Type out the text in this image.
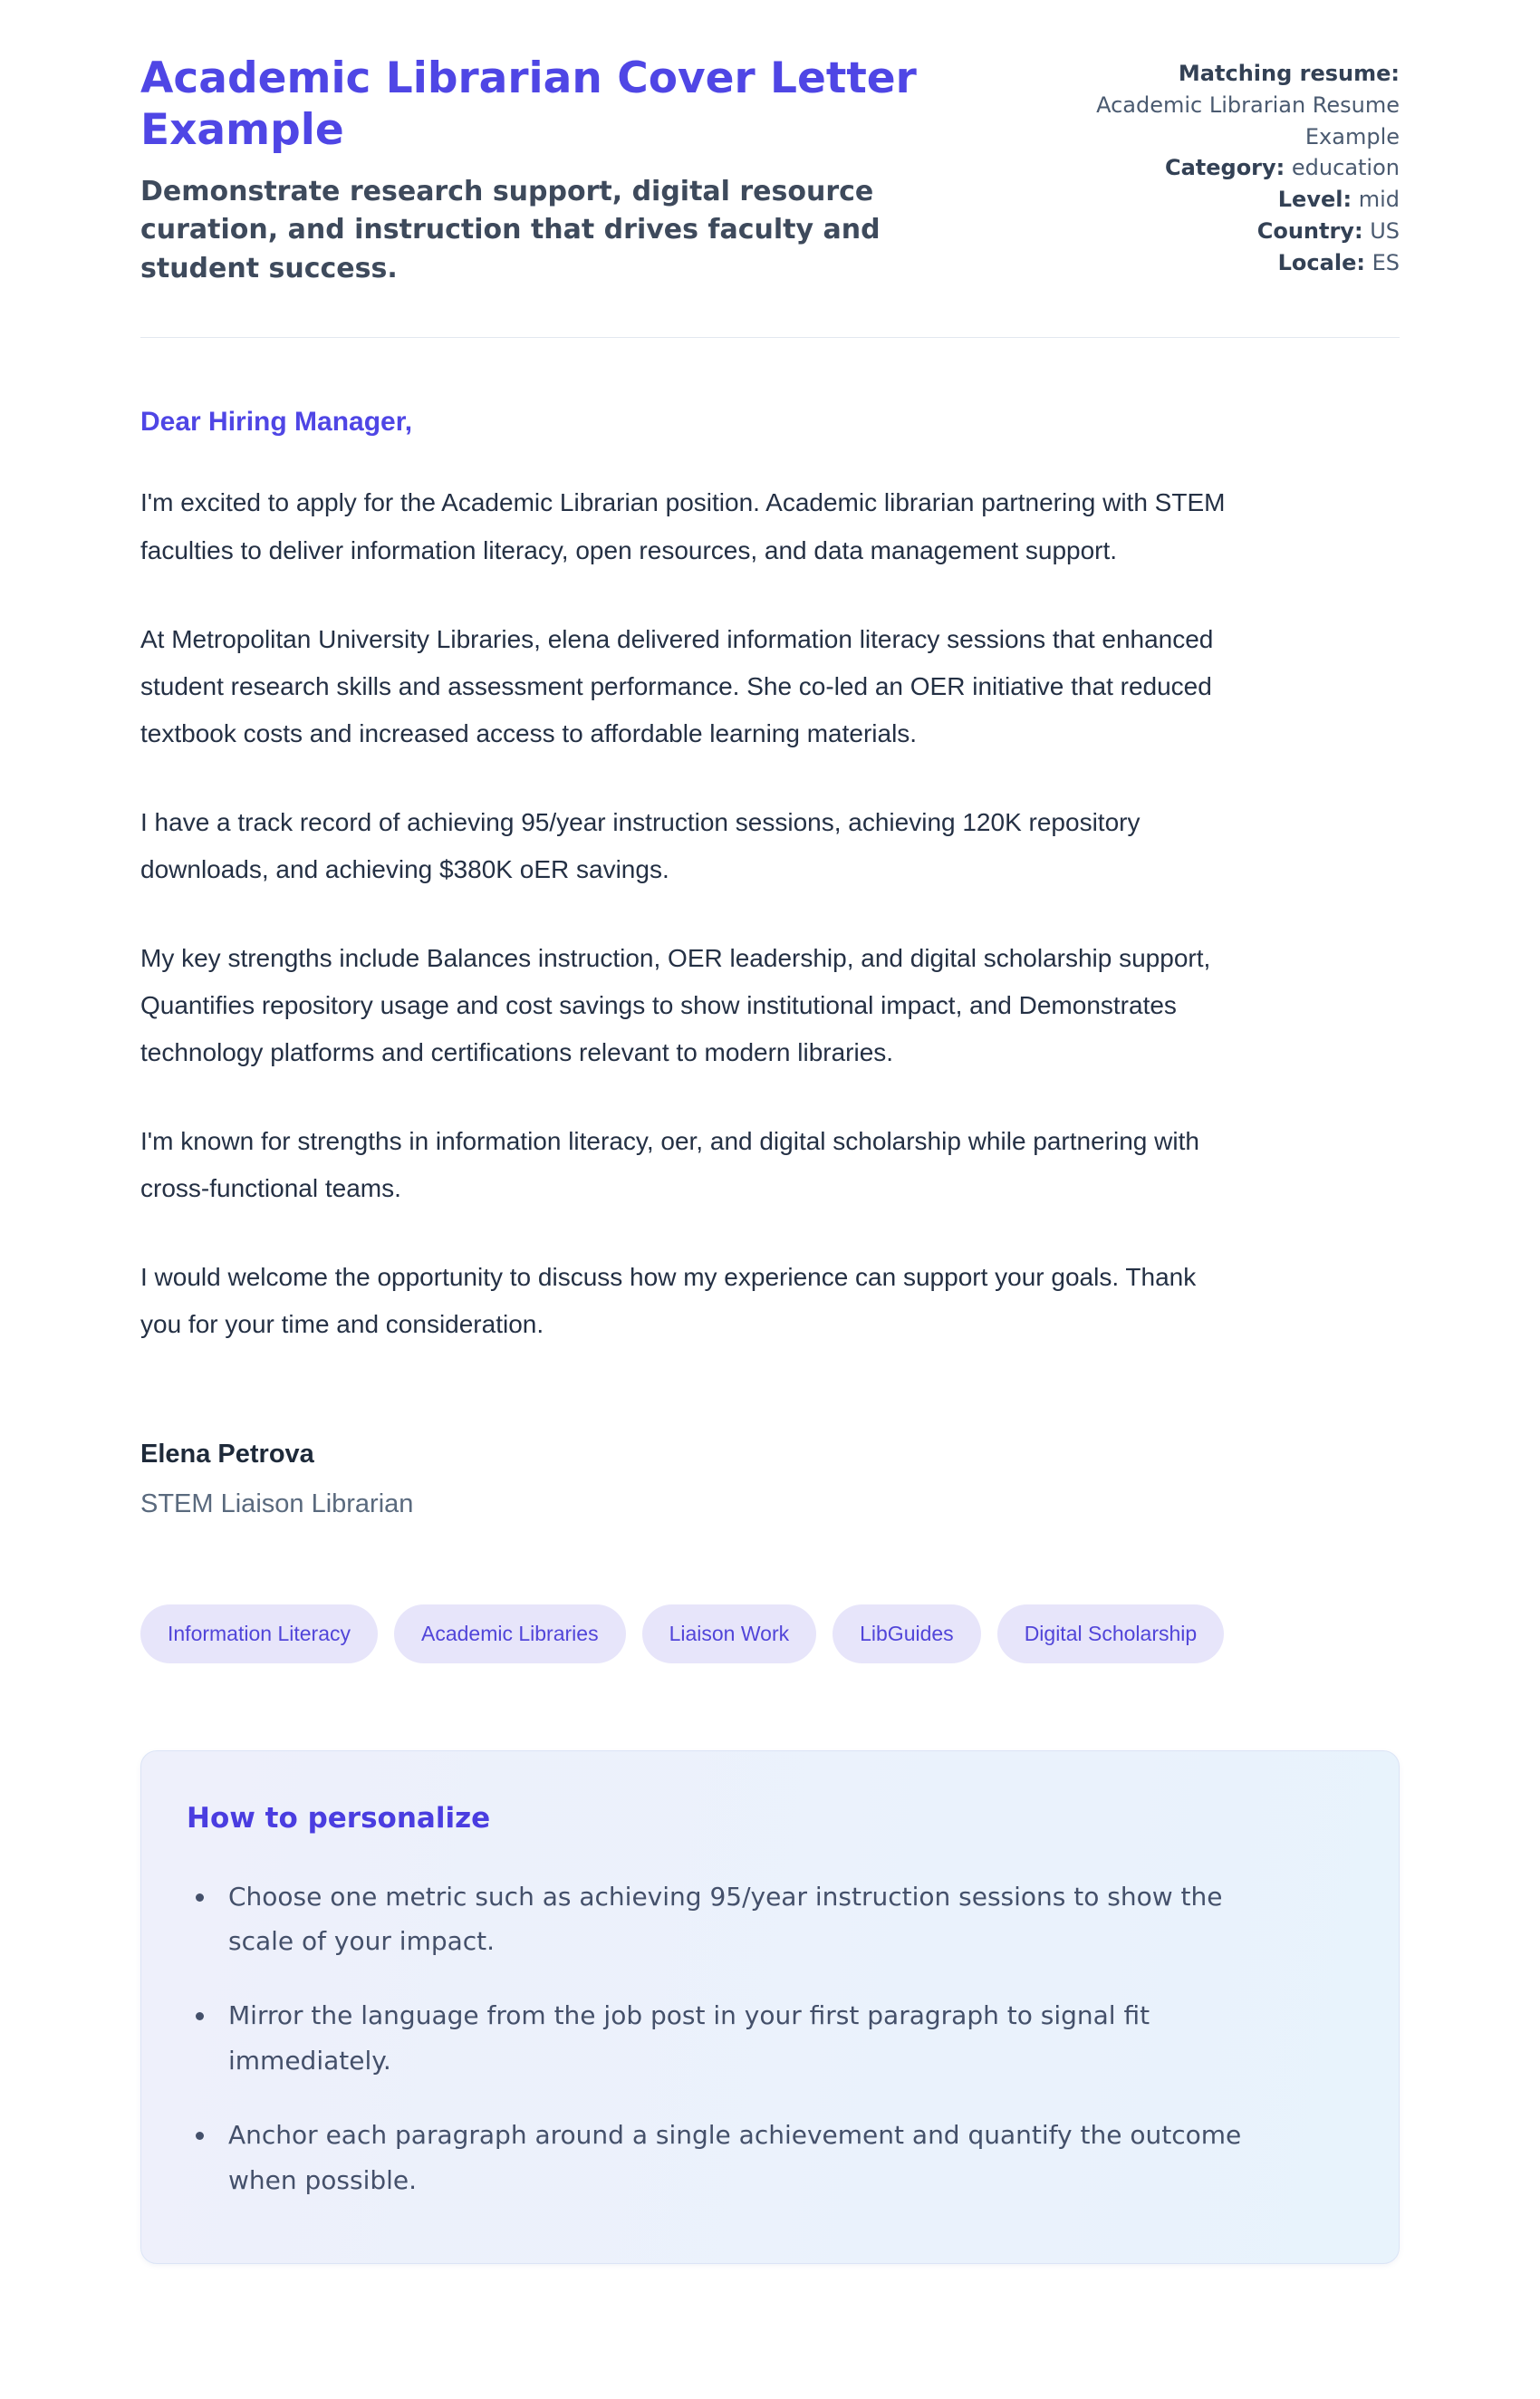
Academic Librarian Cover Letter Example
Demonstrate research support, digital resource curation, and instruction that drives faculty and student success.
Matching resume:
Academic Librarian Resume Example
Category: education
Level: mid
Country: US
Locale: ES

Dear Hiring Manager,

I'm excited to apply for the Academic Librarian position. Academic librarian partnering with STEM faculties to deliver information literacy, open resources, and data management support.

At Metropolitan University Libraries, elena delivered information literacy sessions that enhanced student research skills and assessment performance. She co-led an OER initiative that reduced textbook costs and increased access to affordable learning materials.

I have a track record of achieving 95/year instruction sessions, achieving 120K repository downloads, and achieving $380K oER savings.

My key strengths include Balances instruction, OER leadership, and digital scholarship support, Quantifies repository usage and cost savings to show institutional impact, and Demonstrates technology platforms and certifications relevant to modern libraries.

I'm known for strengths in information literacy, oer, and digital scholarship while partnering with cross-functional teams.

I would welcome the opportunity to discuss how my experience can support your goals. Thank you for your time and consideration.

Elena Petrova
STEM Liaison Librarian
Information Literacy	Academic Libraries	Liaison Work	LibGuides	Digital Scholarship
How to personalize
• Choose one metric such as achieving 95/year instruction sessions to show the scale of your impact.
• Mirror the language from the job post in your first paragraph to signal fit immediately.
• Anchor each paragraph around a single achievement and quantify the outcome when possible.
